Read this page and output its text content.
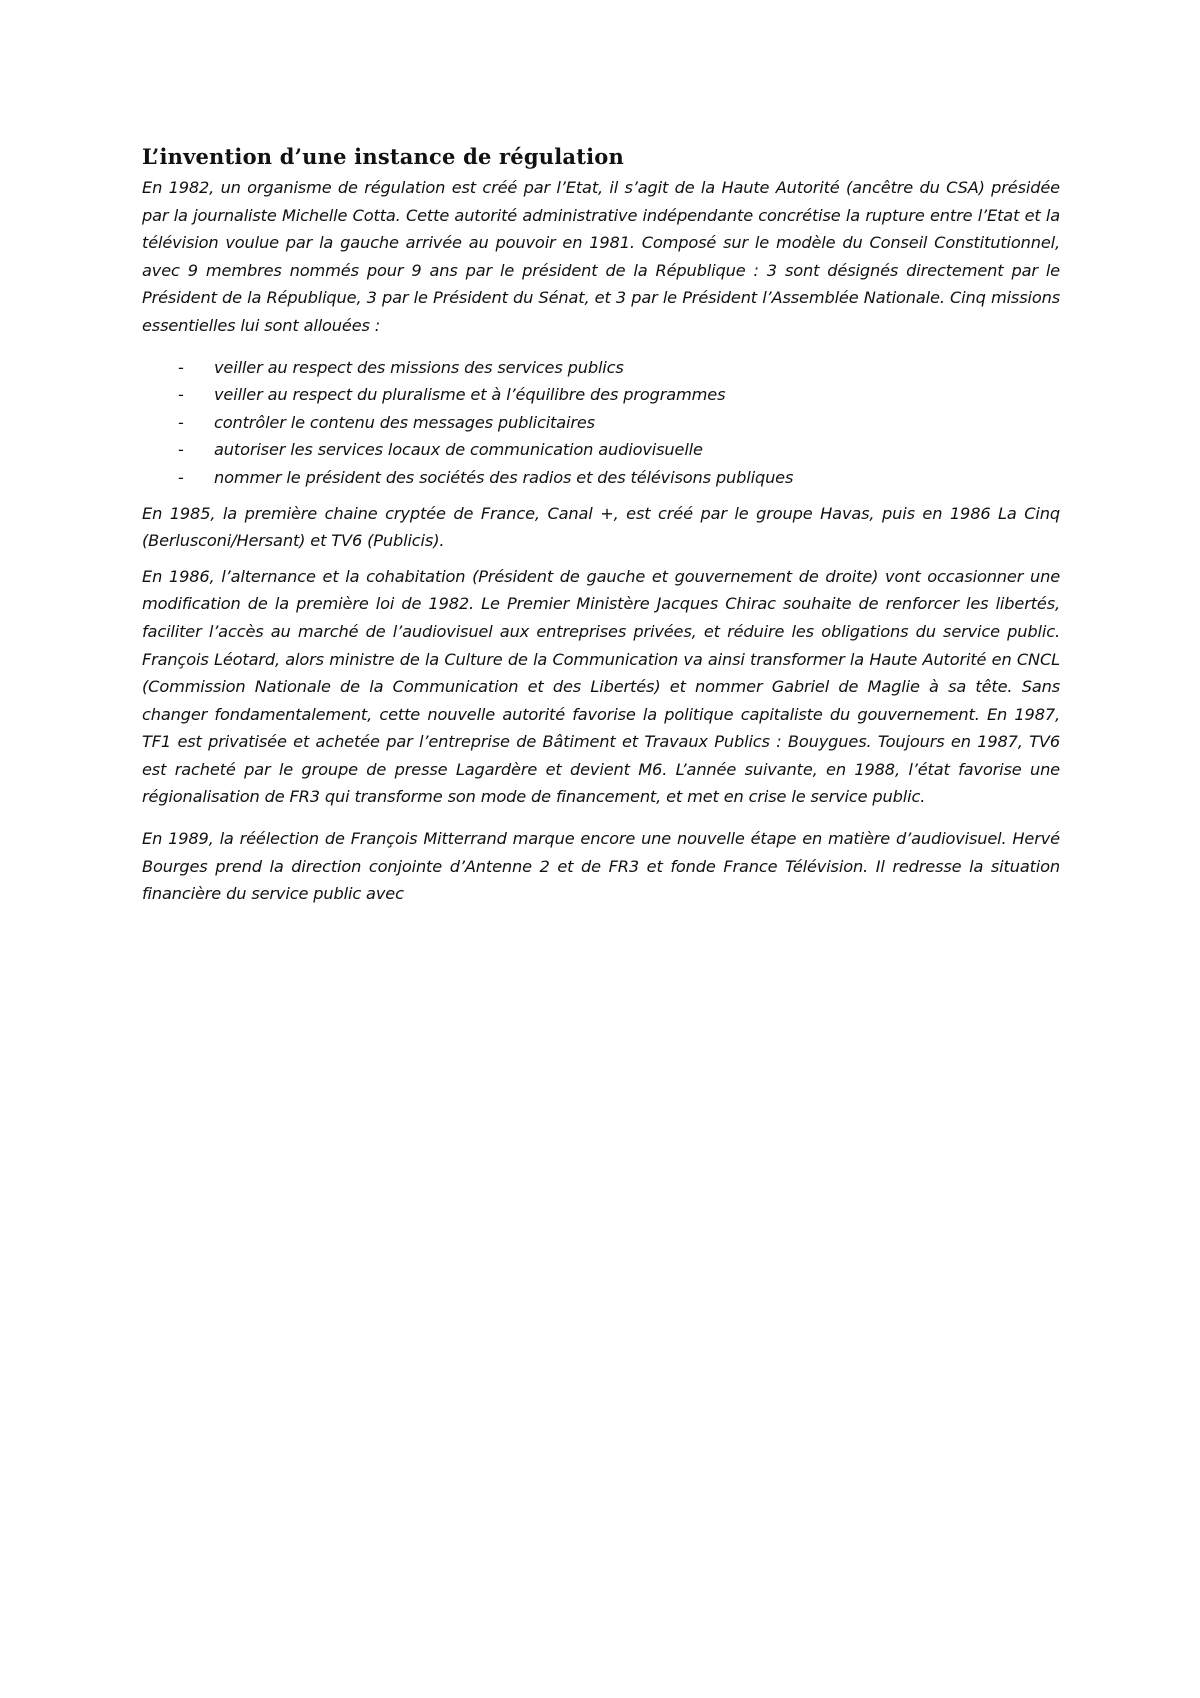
L’invention d’une instance de régulation

En 1982, un organisme de régulation est créé par l’Etat, il s’agit de la Haute Autorité (ancêtre du CSA) présidée par la journaliste Michelle Cotta. Cette autorité administrative indépendante concrétise la rupture entre l’Etat et la télévision voulue par la gauche arrivée au pouvoir en 1981. Composé sur le modèle du Conseil Constitutionnel, avec 9 membres nommés pour 9 ans par le président de la République : 3 sont désignés directement par le Président de la République, 3 par le Président du Sénat, et 3 par le Président l’Assemblée Nationale. Cinq missions essentielles lui sont allouées :

- veiller au respect des missions des services publics
- veiller au respect du pluralisme et à l’équilibre des programmes
- contrôler le contenu des messages publicitaires
- autoriser les services locaux de communication audiovisuelle
- nommer le président des sociétés des radios et des télévisons publiques

En 1985, la première chaine cryptée de France, Canal +, est créé par le groupe Havas, puis en 1986 La Cinq (Berlusconi/Hersant) et TV6 (Publicis).

En 1986, l’alternance et la cohabitation (Président de gauche et gouvernement de droite) vont occasionner une modification de la première loi de 1982. Le Premier Ministère Jacques Chirac souhaite de renforcer les libertés, faciliter l’accès au marché de l’audiovisuel aux entreprises privées, et réduire les obligations du service public. François Léotard, alors ministre de la Culture de la Communication va ainsi transformer la Haute Autorité en CNCL (Commission Nationale de la Communication et des Libertés) et nommer Gabriel de Maglie à sa tête. Sans changer fondamentalement, cette nouvelle autorité favorise la politique capitaliste du gouvernement. En 1987, TF1 est privatisée et achetée par l’entreprise de Bâtiment et Travaux Publics : Bouygues. Toujours en 1987, TV6 est racheté par le groupe de presse Lagardère et devient M6. L’année suivante, en 1988, l’état favorise une régionalisation de FR3 qui transforme son mode de financement, et met en crise le service public.

En 1989, la réélection de François Mitterrand marque encore une nouvelle étape en matière d’audiovisuel. Hervé Bourges prend la direction conjointe d’Antenne 2 et de FR3 et fonde France Télévision. Il redresse la situation financière du service public avec
